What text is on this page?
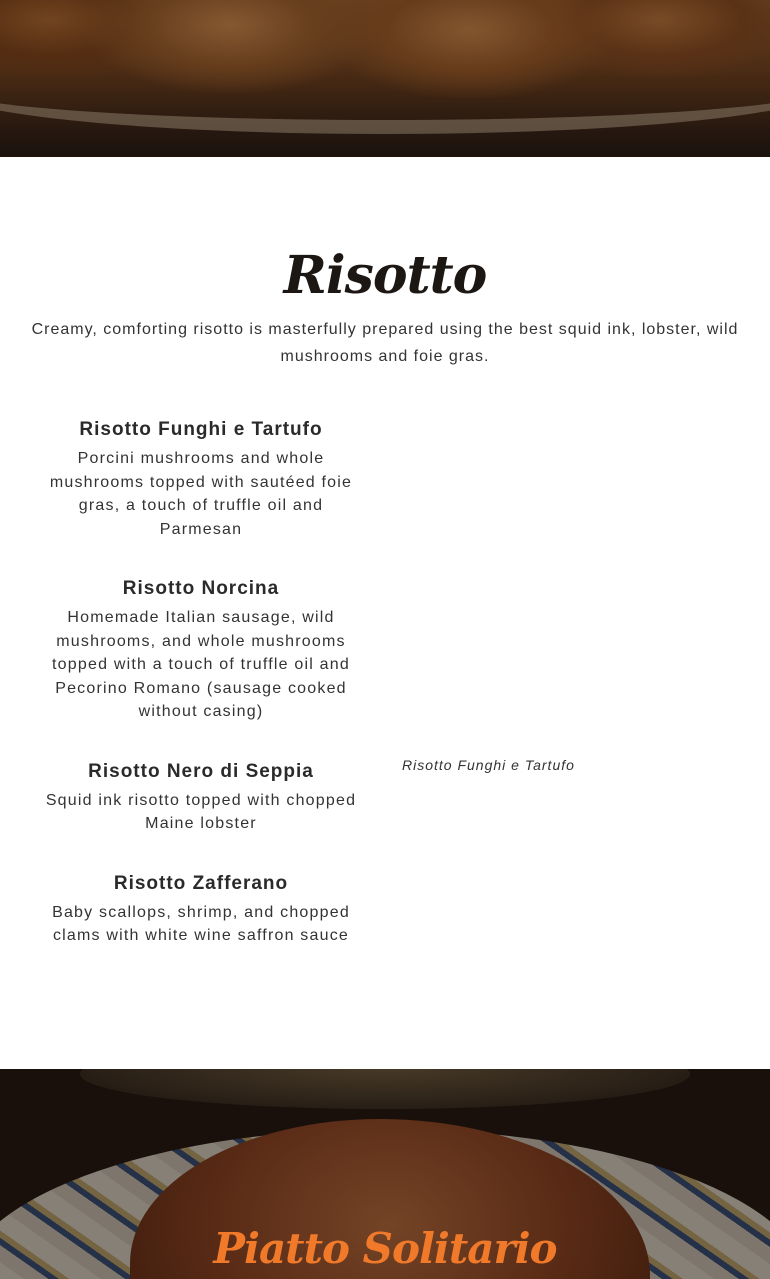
Risotto

Creamy, comforting risotto is masterfully prepared using the best squid ink, lobster, wild mushrooms and foie gras.

Risotto Funghi e Tartufo
Porcini mushrooms and whole mushrooms topped with sautéed foie gras, a touch of truffle oil and Parmesan
Risotto Norcina
Homemade Italian sausage, wild mushrooms, and whole mushrooms topped with a touch of truffle oil and Pecorino Romano (sausage cooked without casing)
Risotto Nero di Seppia
Squid ink risotto topped with chopped Maine lobster
Risotto Zafferano
Baby scallops, shrimp, and chopped clams with white wine saffron sauce

Risotto Funghi e Tartufo

Piatto Solitario
